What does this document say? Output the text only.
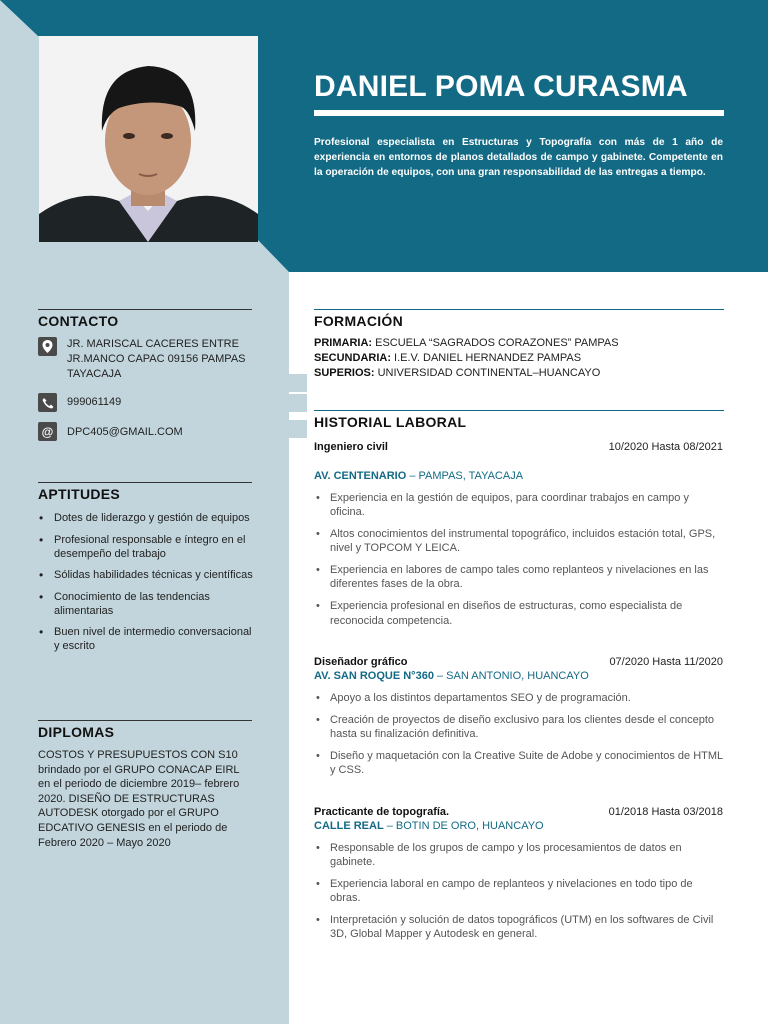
DANIEL POMA CURASMA

Profesional especialista en Estructuras y Topografía con más de 1 año de experiencia en entornos de planos detallados de campo y gabinete. Competente en la operación de equipos, con una gran responsabilidad de las entregas a tiempo.

CONTACTO
JR. MARISCAL CACERES ENTRE JR.MANCO CAPAC 09156 PAMPAS TAYACAJA
999061149
@	DPC405@GMAIL.COM
APTITUDES
• Dotes de liderazgo y gestión de equipos
• Profesional responsable e íntegro en el desempeño del trabajo
• Sólidas habilidades técnicas y científicas
• Conocimiento de las tendencias alimentarias
• Buen nivel de intermedio conversacional y escrito
DIPLOMAS

COSTOS Y PRESUPUESTOS CON S10 brindado por el GRUPO CONACAP EIRL en el periodo de diciembre 2019– febrero 2020. DISEÑO DE ESTRUCTURAS AUTODESK otorgado por el GRUPO EDCATIVO GENESIS en el periodo de Febrero 2020 – Mayo 2020

FORMACIÓN
PRIMARIA: ESCUELA “SAGRADOS CORAZONES” PAMPAS
SECUNDARIA: I.E.V. DANIEL HERNANDEZ PAMPAS
SUPERIOS: UNIVERSIDAD CONTINENTAL–HUANCAYO
HISTORIAL LABORAL
Ingeniero civil	10/2020 Hasta 08/2021
AV. CENTENARIO – PAMPAS, TAYACAJA
• Experiencia en la gestión de equipos, para coordinar trabajos en campo y oficina.
• Altos conocimientos del instrumental topográfico, incluidos estación total, GPS, nivel y TOPCOM Y LEICA.
• Experiencia en labores de campo tales como replanteos y nivelaciones en las diferentes fases de la obra.
• Experiencia profesional en diseños de estructuras, como especialista de reconocida competencia.
Diseñador gráfico	07/2020 Hasta 11/2020
AV. SAN ROQUE N°360 – SAN ANTONIO, HUANCAYO
• Apoyo a los distintos departamentos SEO y de programación.
• Creación de proyectos de diseño exclusivo para los clientes desde el concepto hasta su finalización definitiva.
• Diseño y maquetación con la Creative Suite de Adobe y conocimientos de HTML y CSS.
Practicante de topografía.	01/2018 Hasta 03/2018
CALLE REAL – BOTIN DE ORO, HUANCAYO
• Responsable de los grupos de campo y los procesamientos de datos en gabinete.
• Experiencia laboral en campo de replanteos y nivelaciones en todo tipo de obras.
• Interpretación y solución de datos topográficos (UTM) en los softwares de Civil 3D, Global Mapper y Autodesk en general.
